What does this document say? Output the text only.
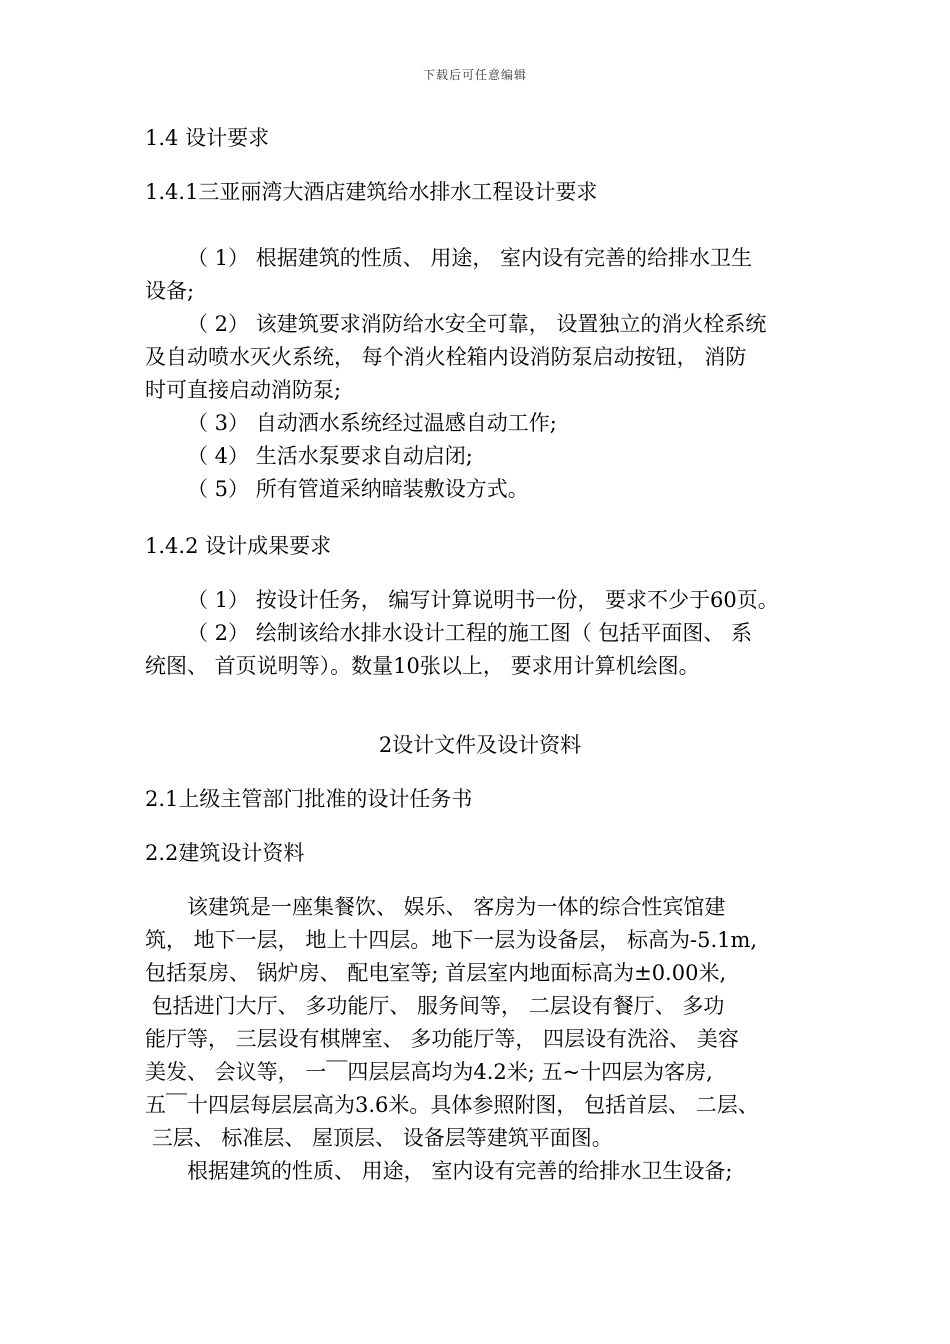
下载后可任意编辑

1.4 设计要求

1.4.1三亚丽湾大酒店建筑给水排水工程设计要求

（ 1） 根据建筑的性质、 用途， 室内设有完善的给排水卫生

设备;

（ 2） 该建筑要求消防给水安全可靠， 设置独立的消火栓系统

及自动喷水灭火系统， 每个消火栓箱内设消防泵启动按钮， 消防

时可直接启动消防泵;

（ 3） 自动洒水系统经过温感自动工作;

（ 4） 生活水泵要求自动启闭;

（ 5） 所有管道采纳暗装敷设方式。

1.4.2 设计成果要求

（ 1） 按设计任务， 编写计算说明书一份， 要求不少于60页。

（ 2） 绘制该给水排水设计工程的施工图（ 包括平面图、 系

统图、 首页说明等）。数量10张以上， 要求用计算机绘图。

2设计文件及设计资料

2.1上级主管部门批准的设计任务书

2.2建筑设计资料

该建筑是一座集餐饮、 娱乐、 客房为一体的综合性宾馆建

筑， 地下一层， 地上十四层。地下一层为设备层， 标高为-5.1m,

包括泵房、 锅炉房、 配电室等; 首层室内地面标高为±0.00米,

包括进门大厅、 多功能厅、 服务间等， 二层设有餐厅、 多功

能厅等， 三层设有棋牌室、 多功能厅等， 四层设有洗浴、 美容

美发、 会议等， 一￣四层层高均为4.2米; 五~十四层为客房,

五￣十四层每层层高为3.6米。具体参照附图， 包括首层、 二层、

三层、 标准层、 屋顶层、 设备层等建筑平面图。

根据建筑的性质、 用途， 室内设有完善的给排水卫生设备;
